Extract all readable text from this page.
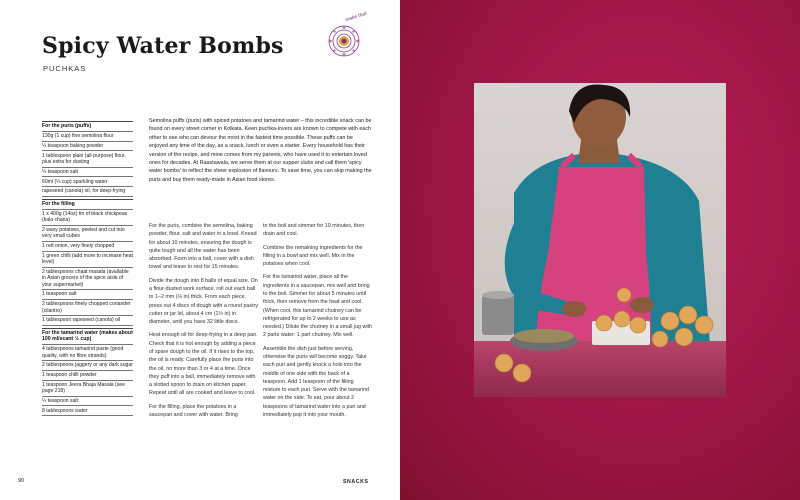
Spicy Water Bombs
PUCHKAS
make that
For the puris (puffs)
130g (1 cup) fine semolina flour
¼ teaspoon baking powder
1 tablespoon plain (all-purpose) flour, plus extra for dusting
¼ teaspoon salt
60ml (¼ cup) sparkling water
rapeseed (canola) oil, for deep-frying
For the filling
1 x 400g (14oz) tin of black chickpeas (kala chana)
2 waxy potatoes, peeled and cut into very small cubes
1 red onion, very finely chopped
1 green chilli (add more to increase heat level)
2 tablespoons chaat masala (available in Asian grocers of the spice aisle of your supermarket)
1 teaspoon salt
2 tablespoons finely chopped coriander (cilantro)
1 tablespoon rapeseed (canola) oil
For the tamarind water (makes about 100 ml/scant ½ cup)
4 tablespoons tamarind paste (good quality, with no fibre strands)
2 tablespoons jaggery or any dark sugar
1 teaspoon chilli powder
1 teaspoon Jeera Bhaja Masala (see page 218)
¼ teaspoon salt
8 tablespoons water

Semolina puffs (puris) with spiced potatoes and tamarind water – this incredible snack can be found on every street corner in Kolkata. Keen puchka-lovers are known to compete with each other to see who can devour the most in the fastest time possible. These puffs can be enjoyed any time of the day, as a snack, lunch or even a starter. Every household has their version of the recipe, and mine comes from my parents, who have used it to entertain loved ones for decades. At Raastawala, we serve them at our supper clubs and call them 'spicy water bombs' to reflect the sheer explosion of flavours. To save time, you can skip making the puris and buy them ready-made in Asian food stores.

For the puris, combine the semolina, baking powder, flour, salt and water in a bowl. Knead for about 10 minutes, ensuring the dough is quite tough and all the water has been absorbed. Form into a ball, cover with a dish towel and leave to rest for 15 minutes.

Divide the dough into 8 balls of equal size. On a flour-dusted work surface, roll out each ball to 1–2 mm (⅛ in) thick. From each piece, press out 4 discs of dough with a round pastry cutter or jar lid, about 4 cm (1½ in) in diameter, until you have 32 little discs.

Heat enough oil for deep-frying in a deep pan. Check that it is hot enough by adding a piece of spare dough to the oil. If it rises to the top, the oil is ready. Carefully place the puris into the oil, no more than 3 or 4 at a time. Once they puff into a ball, immediately remove with a slotted spoon to drain on kitchen paper. Repeat until all are cooked and leave to cool.

For the filling, place the potatoes in a saucepan and cover with water. Bring

to the boil and simmer for 10 minutes, then drain and cool.

Combine the remaining ingredients for the filling in a bowl and mix well. Mix in the potatoes when cool.

For the tamarind water, place all the ingredients in a saucepan, mix well and bring to the boil. Simmer for about 5 minutes until thick, then remove from the heat and cool. (When cool, this tamarind chutney can be refrigerated for up to 2 weeks to use as needed.) Dilute the chutney in a small jug with 2 parts water: 1 part chutney. Mix well.

Assemble the dish just before serving, otherwise the puris will become soggy. Take each puri and gently knock a hole into the middle of one side with the back of a teaspoon. Add 1 teaspoon of the filling mixture to each puri. Serve with the tamarind water on the side. To eat, pour about 2 teaspoons of tamarind water into a puri and immediately pop it into your mouth.

90	SNACKS
